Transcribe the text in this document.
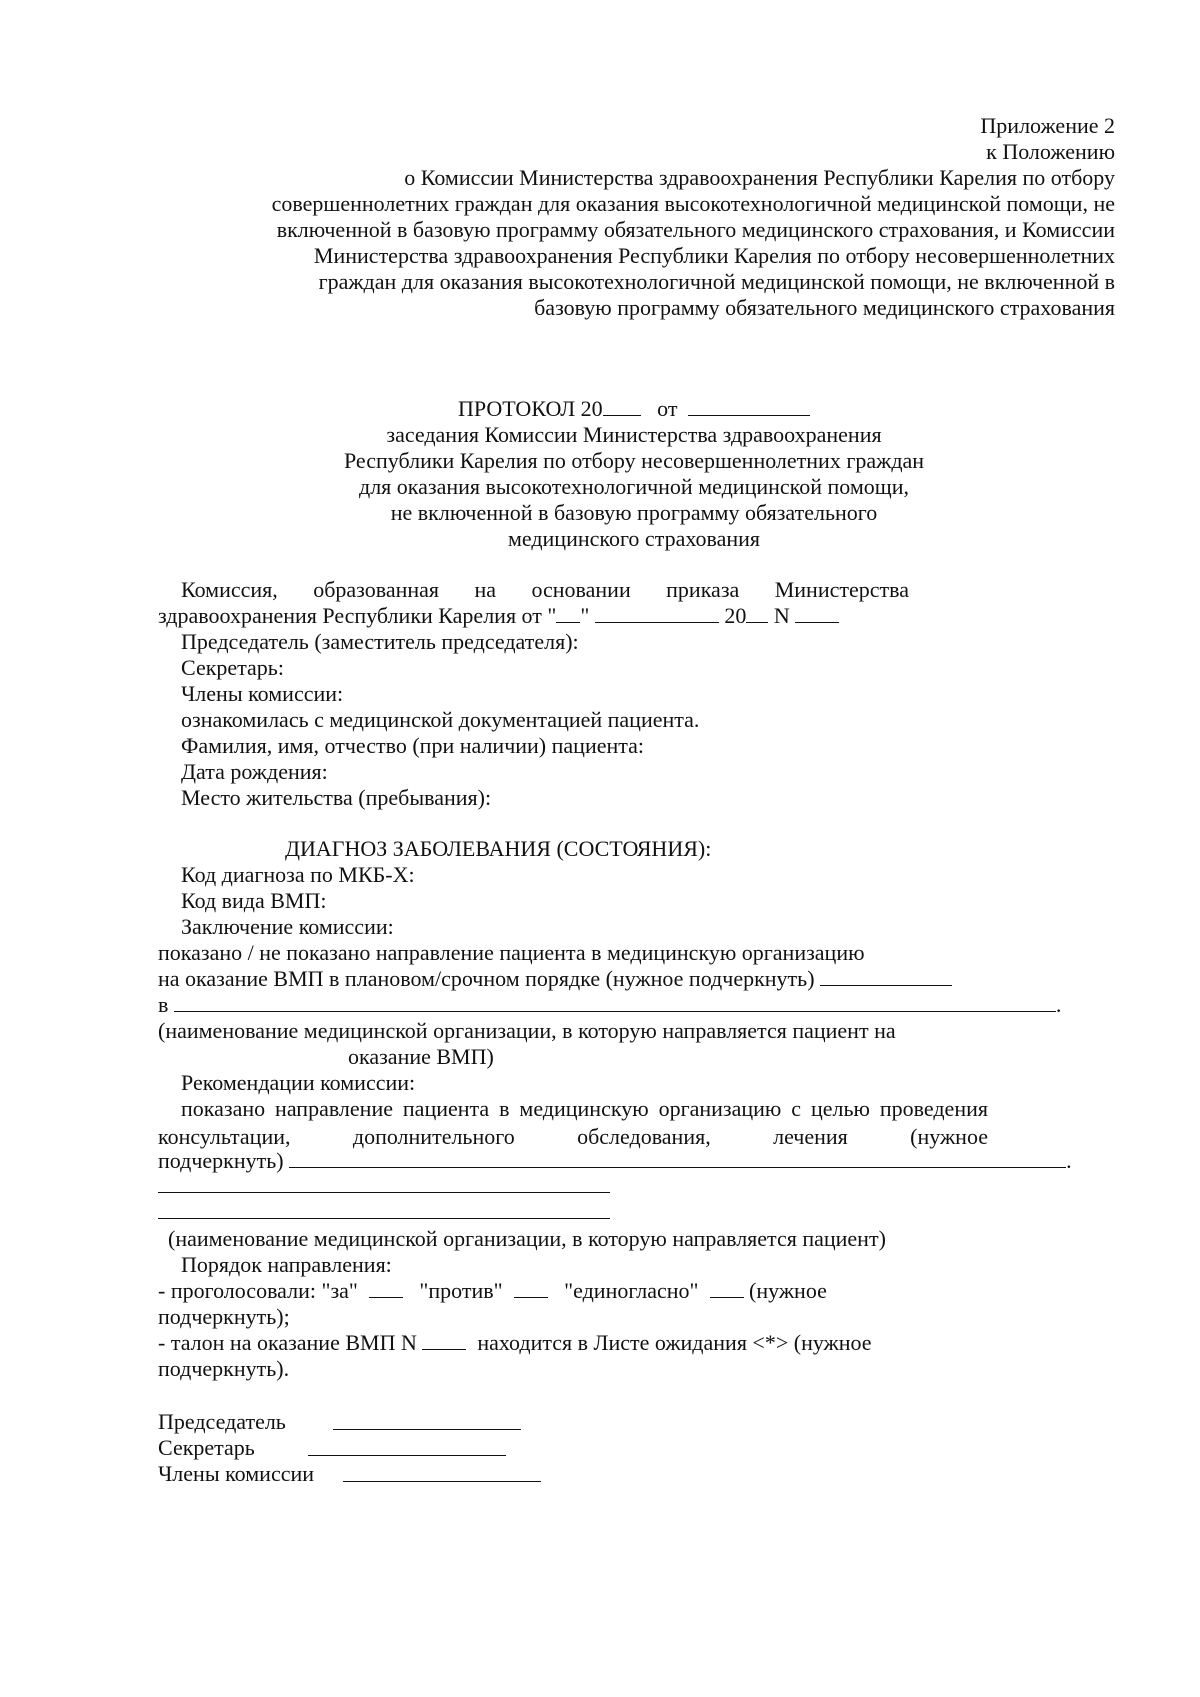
Приложение 2
к Положению
о Комиссии Министерства здравоохранения Республики Карелия по отбору
совершеннолетних граждан для оказания высокотехнологичной медицинской помощи, не
включенной в базовую программу обязательного медицинского страхования, и Комиссии
Министерства здравоохранения Республики Карелия по отбору несовершеннолетних
граждан для оказания высокотехнологичной медицинской помощи, не включенной в
базовую программу обязательного медицинского страхования
ПРОТОКОЛ 20 от
заседания Комиссии Министерства здравоохранения
Республики Карелия по отбору несовершеннолетних граждан
для оказания высокотехнологичной медицинской помощи,
не включенной в базовую программу обязательного
медицинского страхования
Комиссия, образованная на основании приказа Министерства
здравоохранения Республики Карелия от " "	20 N
Председатель (заместитель председателя):
Секретарь:
Члены комиссии:
ознакомилась с медицинской документацией пациента.
Фамилия, имя, отчество (при наличии) пациента:
Дата рождения:
Место жительства (пребывания):
ДИАГНОЗ ЗАБОЛЕВАНИЯ (СОСТОЯНИЯ):
Код диагноза по МКБ-X:
Код вида ВМП:
Заключение комиссии:
показано / не показано направление пациента в медицинскую организацию
на оказание ВМП в плановом/срочном порядке (нужное подчеркнуть)
в	.
(наименование медицинской организации, в которую направляется пациент на
оказание ВМП)
Рекомендации комиссии:
показано направление пациента в медицинскую организацию с целью проведения консультации, дополнительного обследования, лечения (нужное
подчеркнуть)	.
(наименование медицинской организации, в которую направляется пациент)
Порядок направления:
- проголосовали: "за"	"против"	"единогласно" (нужное
подчеркнуть);
- талон на оказание ВМП N	находится в Листе ожидания <*> (нужное
подчеркнуть).
Председатель
Секретарь
Члены комиссии
